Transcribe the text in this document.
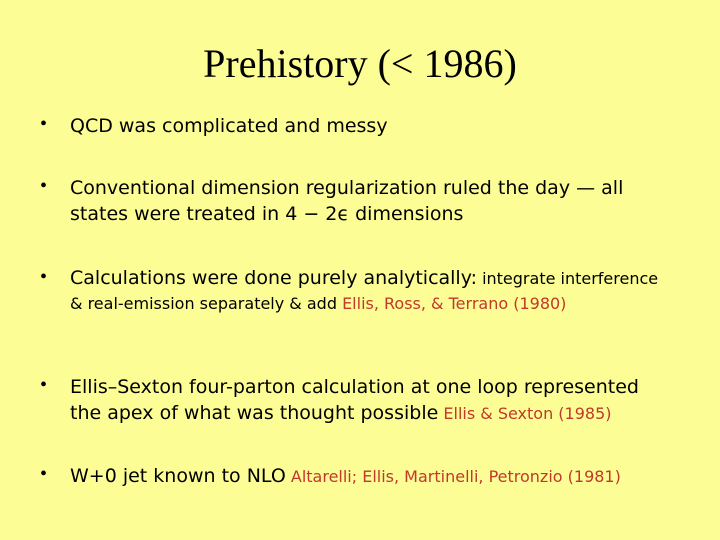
Prehistory (< 1986)
• QCD was complicated and messy
• Conventional dimension regularization ruled the day — all states were treated in 4 − 2ϵ dimensions
• Calculations were done purely analytically: integrate interference & real-emission separately & add Ellis, Ross, & Terrano (1980)
• Ellis–Sexton four-parton calculation at one loop represented the apex of what was thought possible Ellis & Sexton (1985)
• W+0 jet known to NLO Altarelli; Ellis, Martinelli, Petronzio (1981)
